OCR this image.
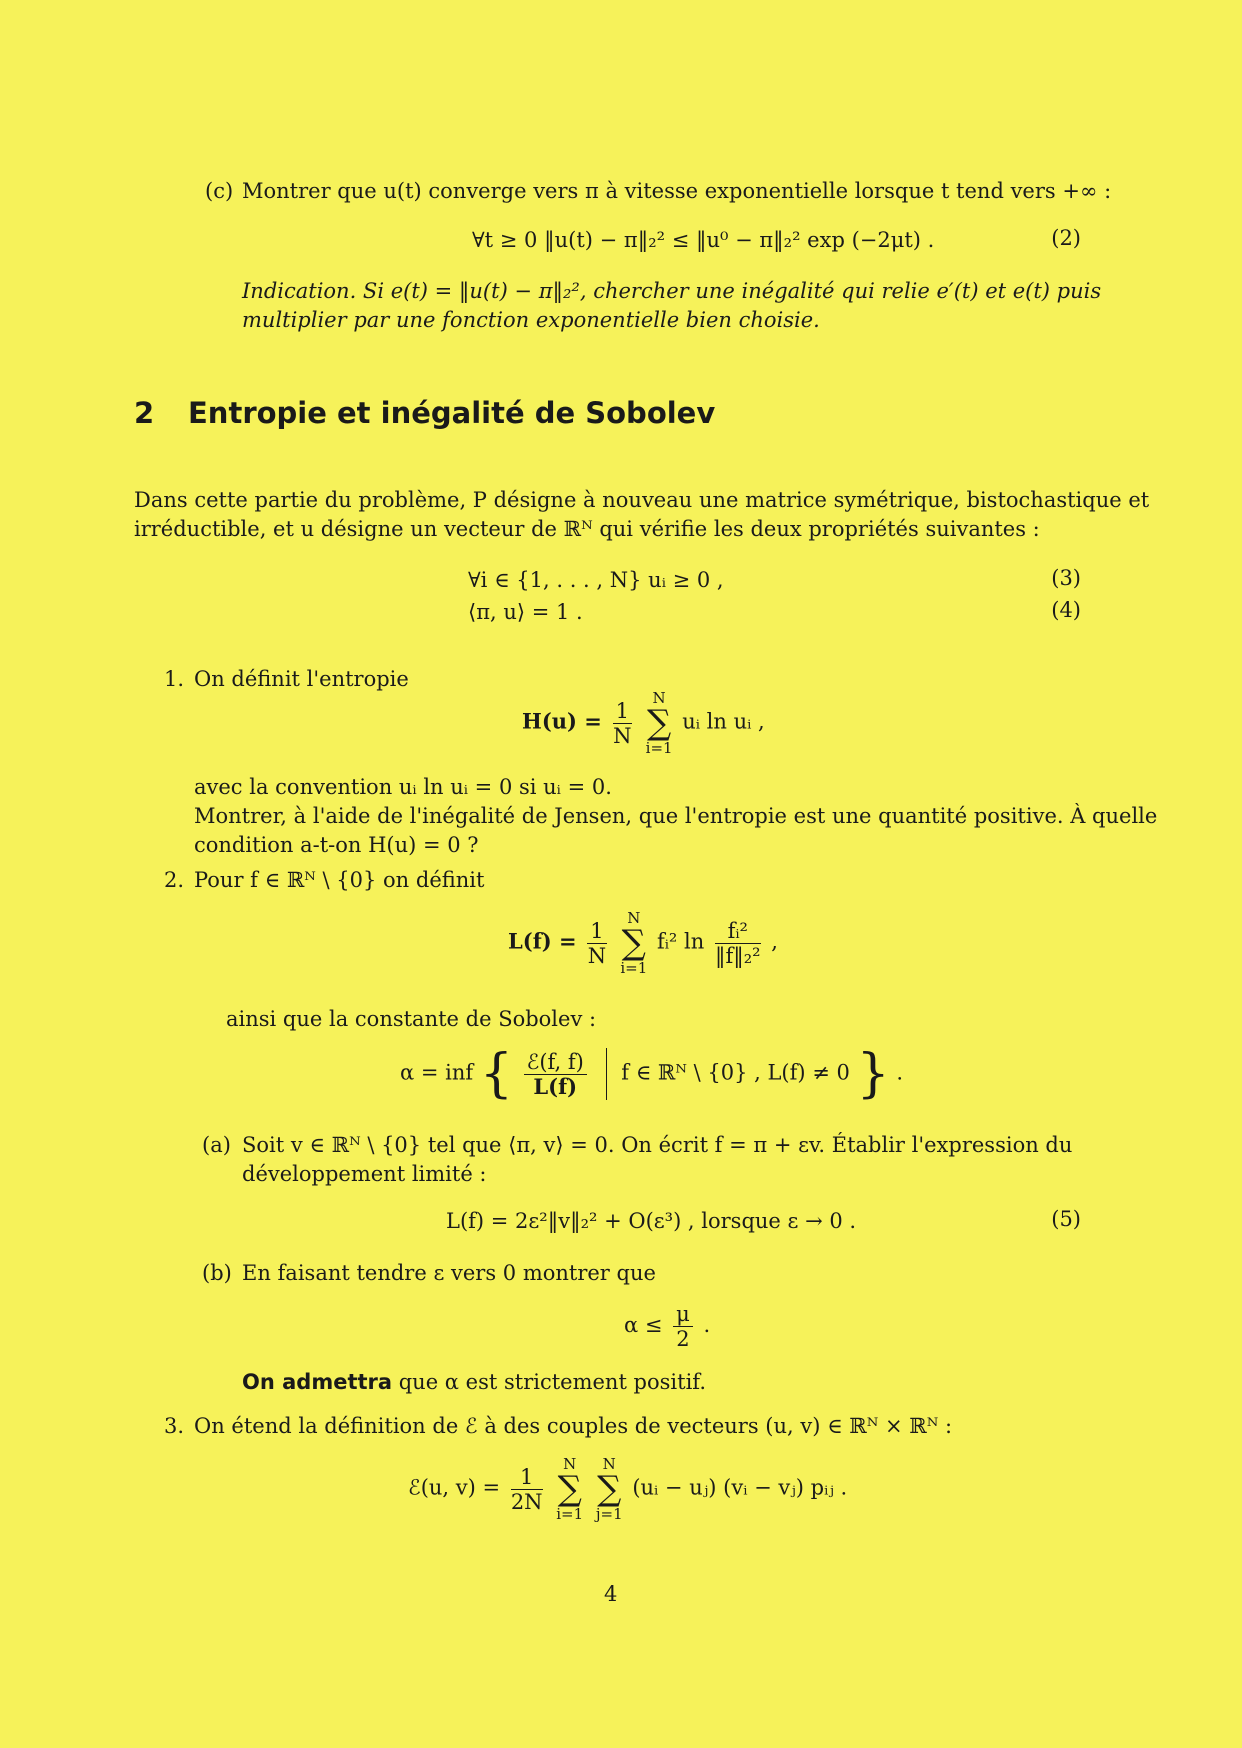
(c) Montrer que u(t) converge vers π à vitesse exponentielle lorsque t tend vers +∞ :
∀t ≥ 0 ‖u(t) − π‖₂² ≤ ‖u⁰ − π‖₂² exp (−2μt) .	(2)
Indication. Si e(t) = ‖u(t) − π‖₂², chercher une inégalité qui relie e′(t) et e(t) puis
multiplier par une fonction exponentielle bien choisie.
2 Entropie et inégalité de Sobolev
Dans cette partie du problème, P désigne à nouveau une matrice symétrique, bistochastique et
irréductible, et u désigne un vecteur de ℝᴺ qui vérifie les deux propriétés suivantes :
∀i ∈ {1, . . . , N} uᵢ ≥ 0 ,	(3)
⟨π, u⟩ = 1 .	(4)
1. On définit l'entropie
$H(u) = \frac{1}{N}$

N
∑
i=1
uᵢ ln uᵢ ,
avec la convention uᵢ ln uᵢ = 0 si uᵢ = 0.
Montrer, à l'aide de l'inégalité de Jensen, que l'entropie est une quantité positive. À quelle
condition a-t-on H(u) = 0 ?
2. Pour f ∈ ℝᴺ \ {0} on définit
$L(f) = \frac{1}{N}$

N
∑
i=1
fᵢ² $\ln \frac{\text{fᵢ²}}{\text{‖f‖₂²}}$ ,
ainsi que la constante de Sobolev :
α = inf { $\frac{\text{ℰ(f, f)}}{L(f)}$ f ∈ ℝᴺ \ {0} , L(f) ≠ 0 } .
(a) Soit v ∈ ℝᴺ \ {0} tel que ⟨π, v⟩ = 0. On écrit f = π + εv. Établir l'expression du
développement limité :
L(f) = 2ε²‖v‖₂² + O(ε³) , lorsque ε → 0 .	(5)
(b) En faisant tendre ε vers 0 montrer que
$\alpha \le \frac{\mu}{2}$ .
On admettra que α est strictement positif.
3. On étend la définition de ℰ à des couples de vecteurs (u, v) ∈ ℝᴺ × ℝᴺ :
ℰ(u, $v) = \frac{1}{2N}$

N
∑
i=1

N
∑
j=1
(uᵢ − uⱼ) (vᵢ − vⱼ) pᵢⱼ .
4
